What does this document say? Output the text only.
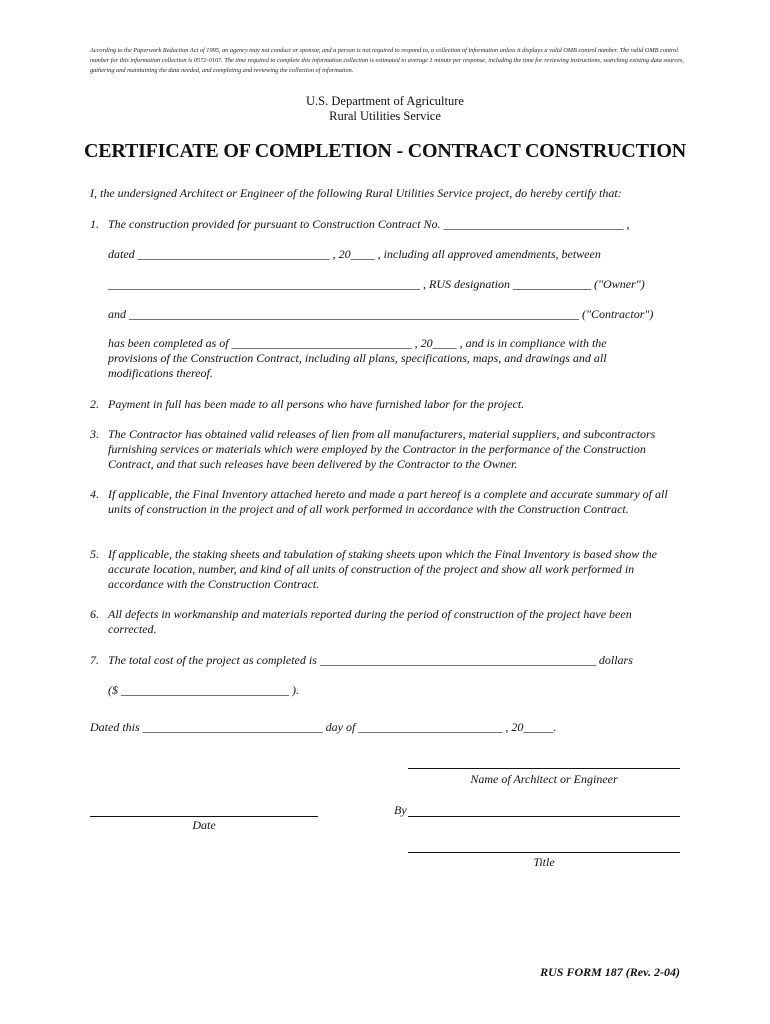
According to the Paperwork Reduction Act of 1995, an agency may not conduct or sponsor, and a person is not required to respond to, a collection of information unless it displays a valid OMB control number. The valid OMB control number for this information collection is 0572-0107. The time required to complete this information collection is estimated to average 1 minute per response, including the time for reviewing instructions, searching existing data sources, gathering and maintaining the data needed, and completing and reviewing the collection of information.
U.S. Department of Agriculture
Rural Utilities Service
CERTIFICATE OF COMPLETION - CONTRACT CONSTRUCTION
I, the undersigned Architect or Engineer of the following Rural Utilities Service project, do hereby certify that:
1. The construction provided for pursuant to Construction Contract No. ______________________________ ,
dated ________________________________ , 20____ , including all approved amendments, between
____________________________________________________ , RUS designation _____________ ("Owner")
and ___________________________________________________________________________ ("Contractor")
has been completed as of ______________________________ , 20____ , and is in compliance with the
provisions of the Construction Contract, including all plans, specifications, maps, and drawings and all
modifications thereof.
2. Payment in full has been made to all persons who have furnished labor for the project.
3. The Contractor has obtained valid releases of lien from all manufacturers, material suppliers, and subcontractors furnishing services or materials which were employed by the Contractor in the performance of the Construction Contract, and that such releases have been delivered by the Contractor to the Owner.
4. If applicable, the Final Inventory attached hereto and made a part hereof is a complete and accurate summary of all units of construction in the project and of all work performed in accordance with the Construction Contract.
5. If applicable, the staking sheets and tabulation of staking sheets upon which the Final Inventory is based show the accurate location, number, and kind of all units of construction of the project and show all work performed in accordance with the Construction Contract.
6. All defects in workmanship and materials reported during the period of construction of the project have been corrected.
7. The total cost of the project as completed is ______________________________________________ dollars
($ ____________________________ ).
Dated this ______________________________ day of ________________________ , 20_____.
Name of Architect or Engineer
Date
By
Title
RUS FORM 187 (Rev. 2-04)
